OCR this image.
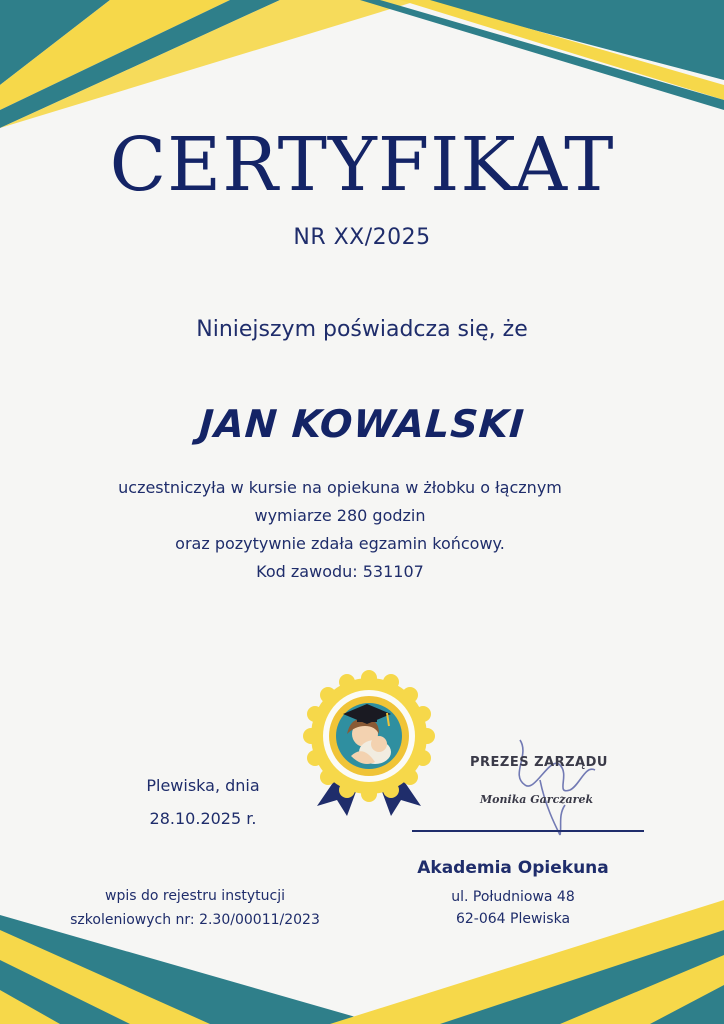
CERTYFIKAT
NR XX/2025
Niniejszym poświadcza się, że
JAN KOWALSKI
uczestniczyła w kursie na opiekuna w żłobku o łącznym
wymiarze 280 godzin
oraz pozytywnie zdała egzamin końcowy.
Kod zawodu: 531107
Plewiska, dnia
28.10.2025 r.
PREZES ZARZĄDU
Monika Garczarek
Akademia Opiekuna
ul. Południowa 48
62-064 Plewiska
wpis do rejestru instytucji
szkoleniowych nr: 2.30/00011/2023
